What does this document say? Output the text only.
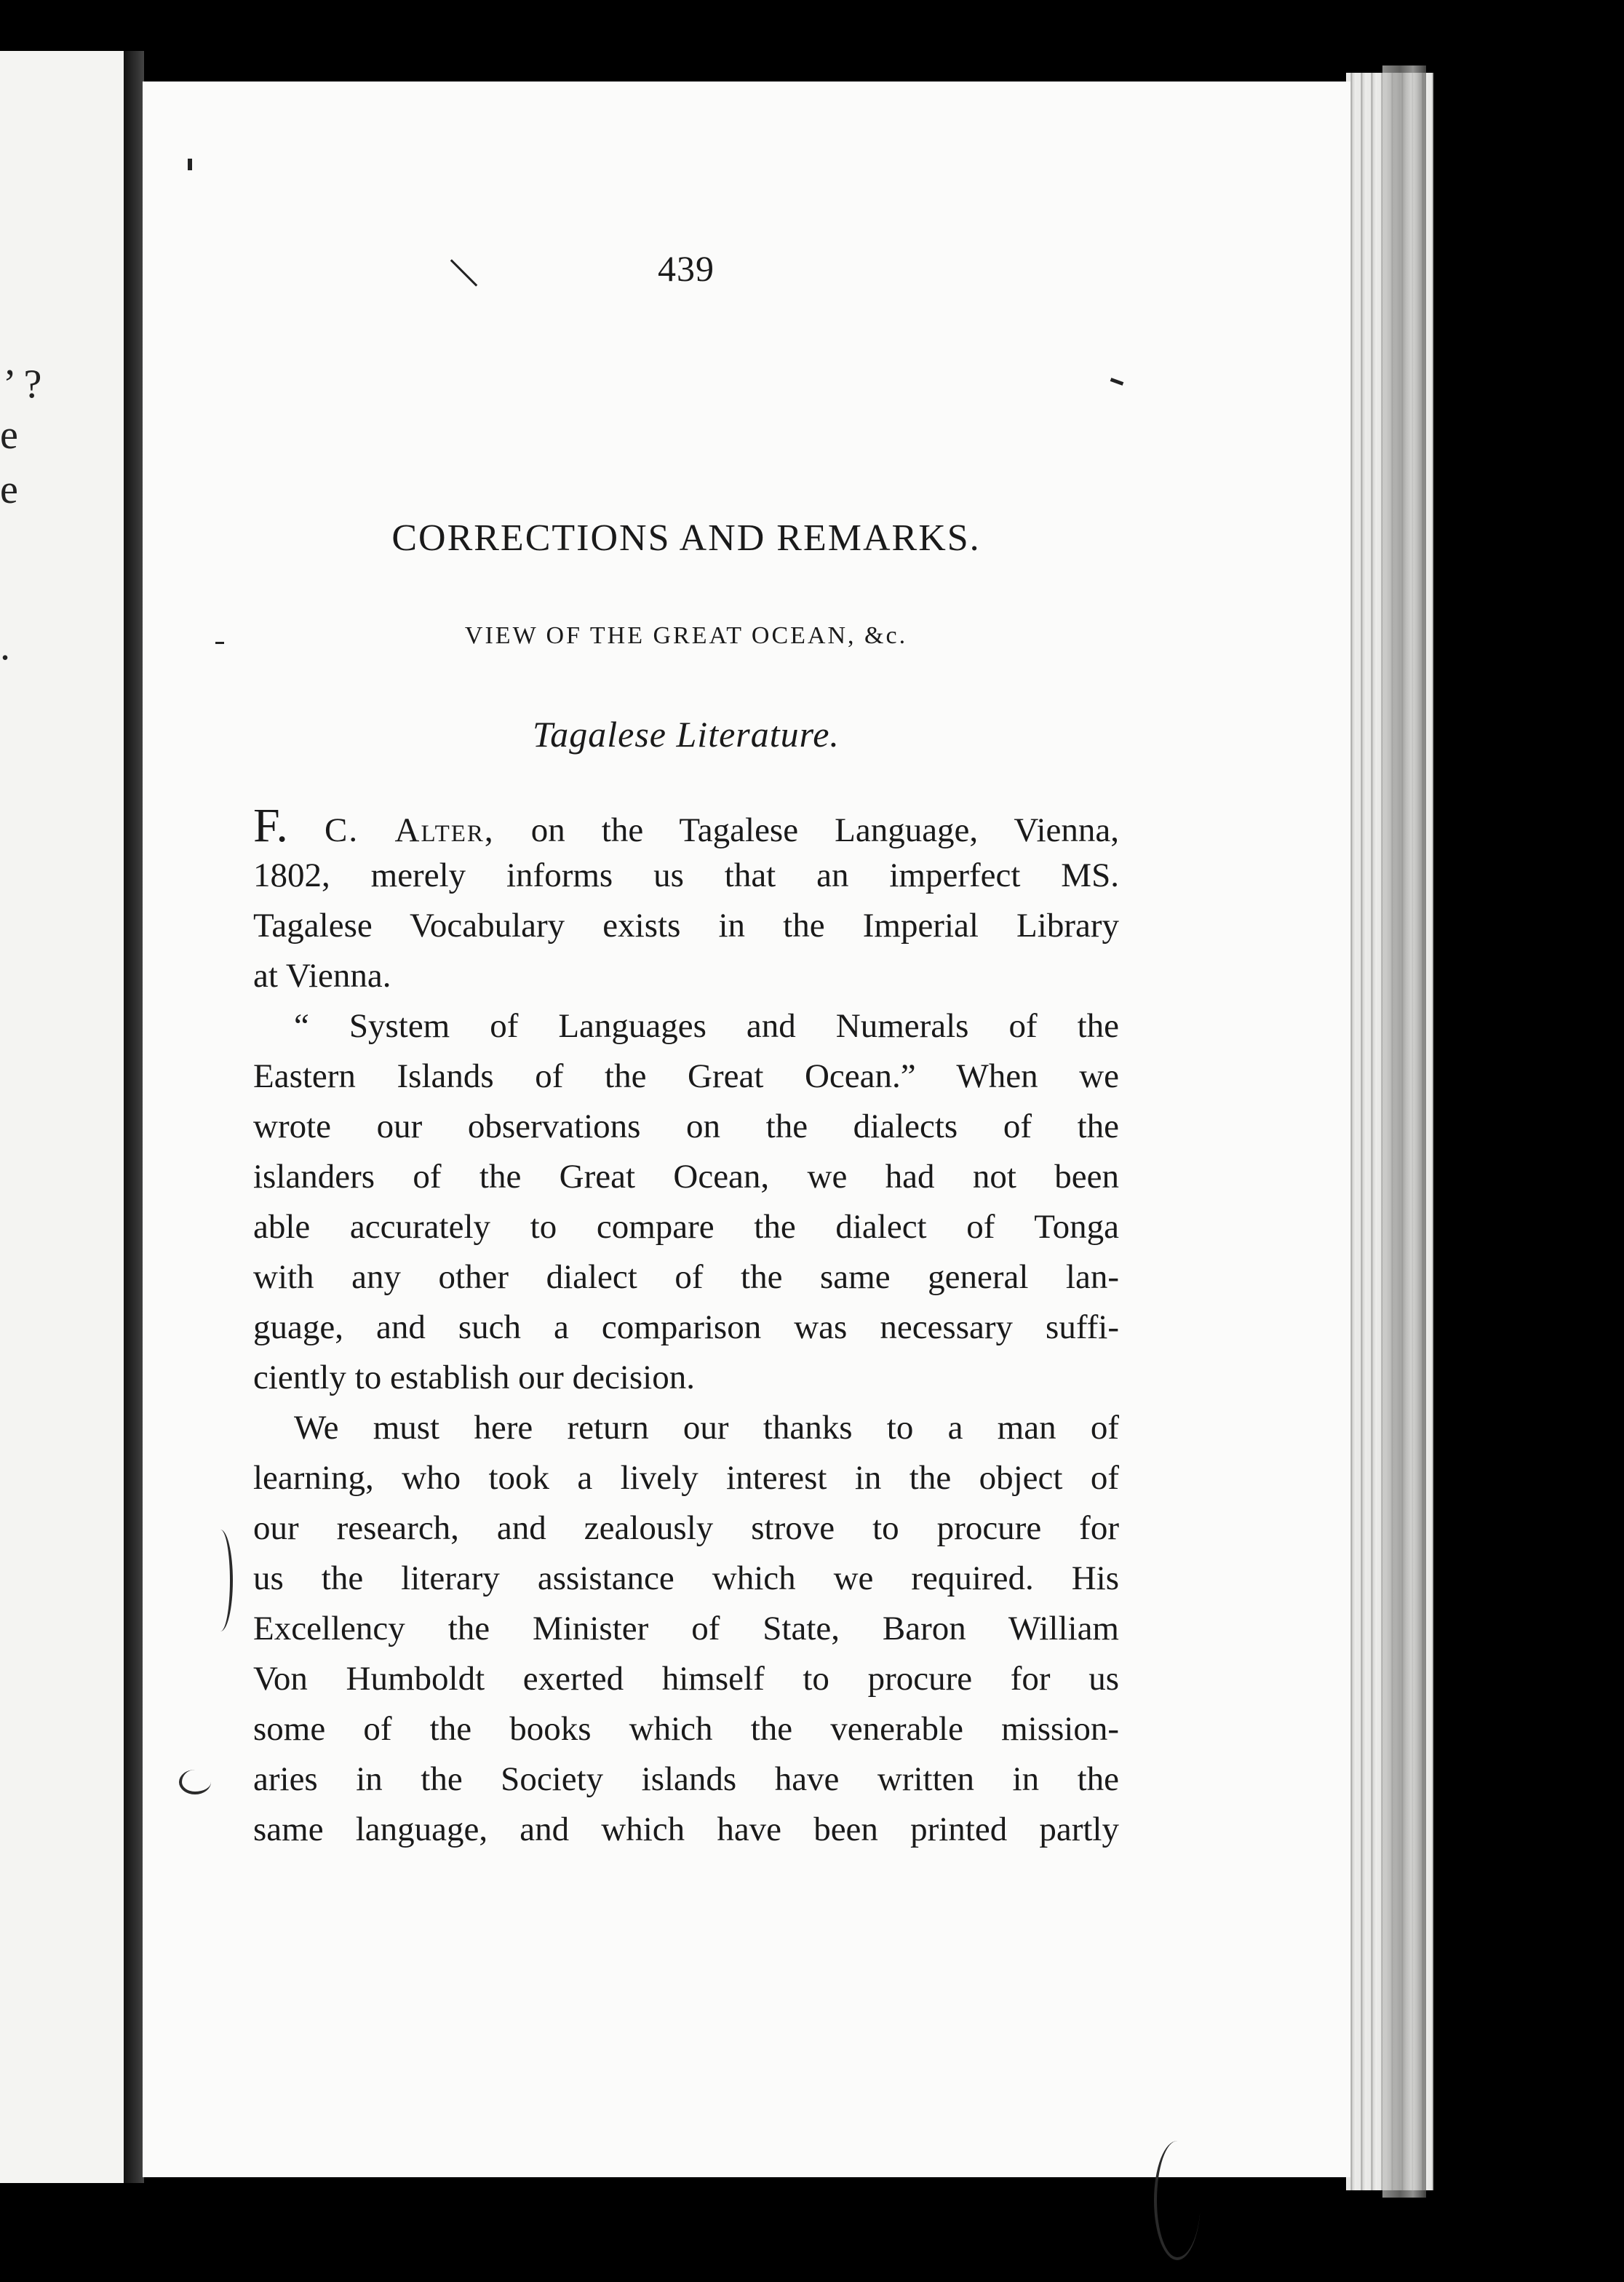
’ ?
e
e
.
439
CORRECTIONS AND REMARKS.
VIEW OF THE GREAT OCEAN, &c.
Tagalese Literature.
F. C. Alter, on the Tagalese Language, Vienna,
1802, merely informs us that an imperfect MS.
Tagalese Vocabulary exists in the Imperial Library
at Vienna.
“ System of Languages and Numerals of the
Eastern Islands of the Great Ocean.” When we
wrote our observations on the dialects of the
islanders of the Great Ocean, we had not been
able accurately to compare the dialect of Tonga
with any other dialect of the same general lan-
guage, and such a comparison was necessary suffi-
ciently to establish our decision.
We must here return our thanks to a man of
learning, who took a lively interest in the object of
our research, and zealously strove to procure for
us the literary assistance which we required. His
Excellency the Minister of State, Baron William
Von Humboldt exerted himself to procure for us
some of the books which the venerable mission-
aries in the Society islands have written in the
same language, and which have been printed partly
